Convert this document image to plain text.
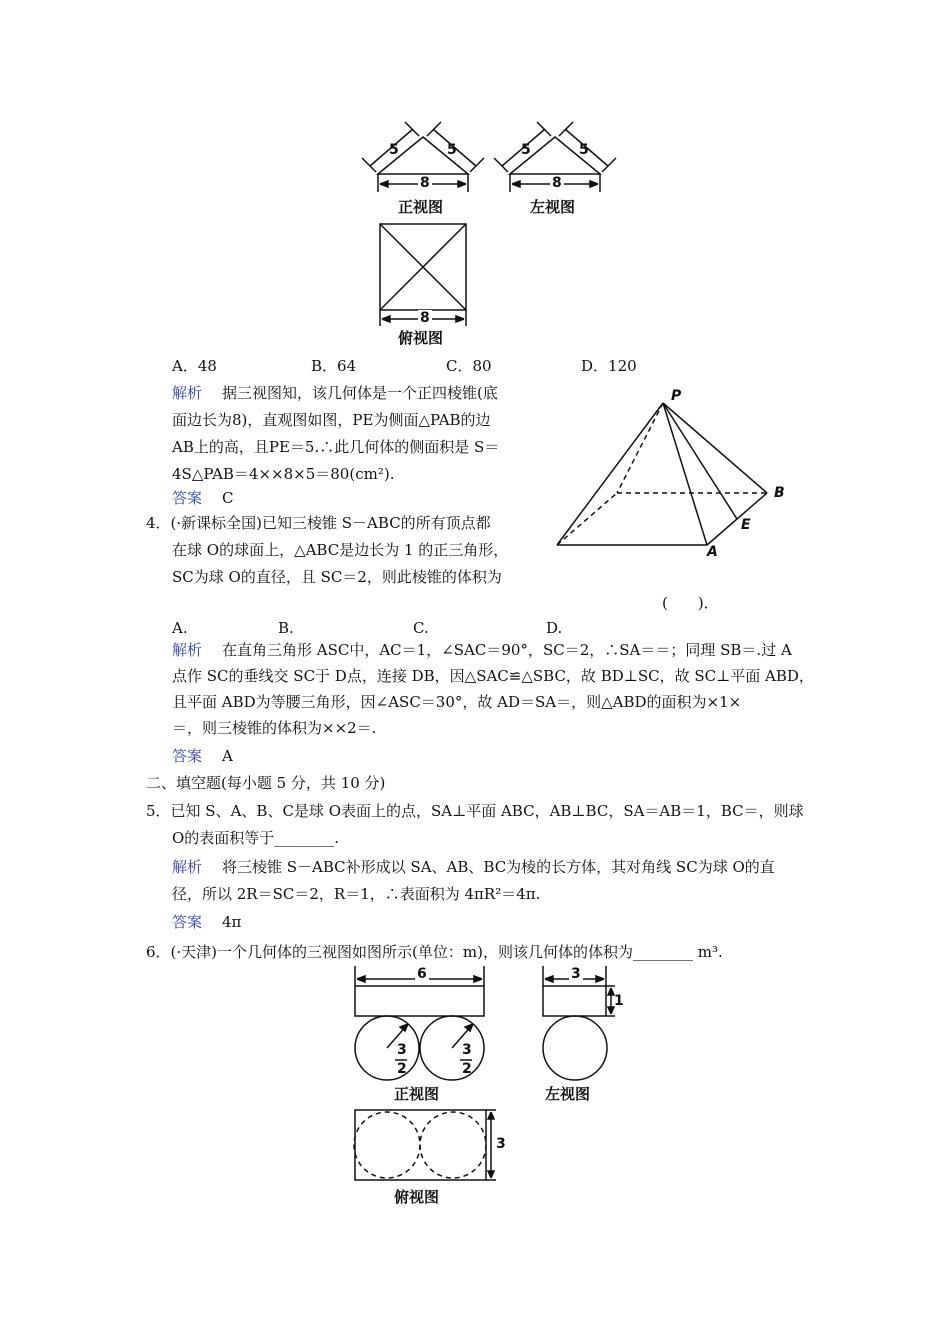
5	5
8
5	5
8
正视图	左视图
8
俯视图
A．48	B．64	C．80	D．120
解析 据三视图知，该几何体是一个正四棱锥(底
面边长为8)，直观图如图，PE为侧面△PAB的边
AB上的高，且PE＝5.∴此几何体的侧面积是 S＝
4S△PAB＝4××8×5＝80(cm²).
答案 C
P
B
E
A
4．(·新课标全国)已知三棱锥 S－ABC的所有顶点都
在球 O的球面上，△ABC是边长为 1 的正三角形，
SC为球 O的直径，且 SC＝2，则此棱锥的体积为
(　　)．
A.	B.	C.	D.
解析 在直角三角形 ASC中，AC＝1，∠SAC＝90°，SC＝2，∴SA＝＝；同理 SB＝.过 A
点作 SC的垂线交 SC于 D点，连接 DB，因△SAC≌△SBC，故 BD⊥SC，故 SC⊥平面 ABD，
且平面 ABD为等腰三角形，因∠ASC＝30°，故 AD＝SA＝，则△ABD的面积为×1×
＝，则三棱锥的体积为××2＝.
答案 A
二、填空题(每小题 5 分，共 10 分)
5．已知 S、A、B、C是球 O表面上的点，SA⊥平面 ABC，AB⊥BC，SA＝AB＝1，BC＝，则球
O的表面积等于________.
解析 将三棱锥 S－ABC补形成以 SA、AB、BC为棱的长方体，其对角线 SC为球 O的直
径，所以 2R＝SC＝2，R＝1，∴表面积为 4πR²＝4π.
答案 4π
6．(·天津)一个几何体的三视图如图所示(单位：m)，则该几何体的体积为________ m³.
6	3
1
3
2
3
2
正视图	左视图
3
俯视图
